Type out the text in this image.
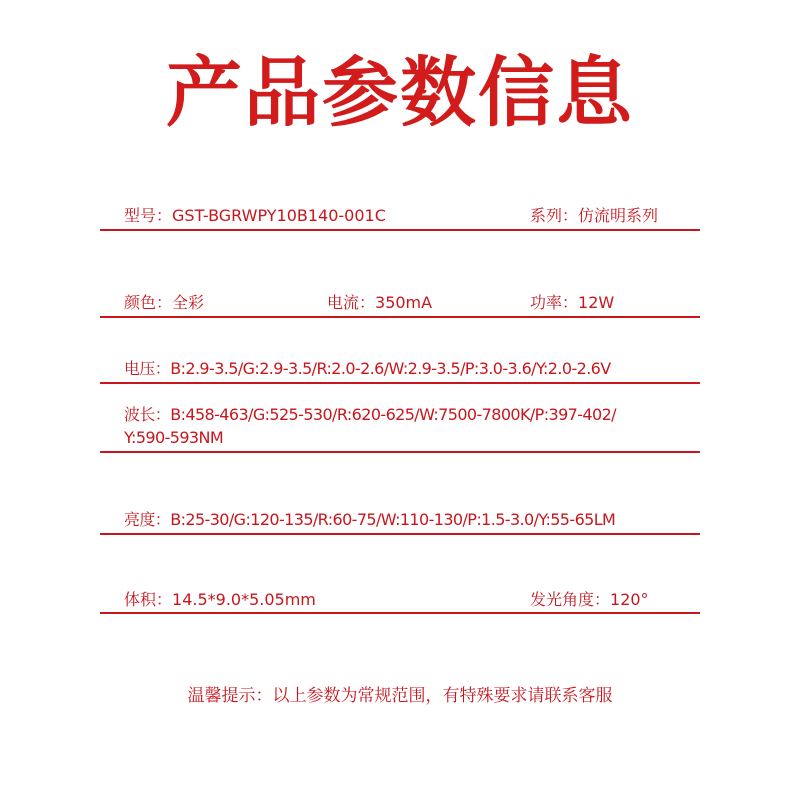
产品参数信息
型号：GST-BGRWPY10B140-001C	系列：仿流明系列
颜色：全彩	电流：350mA	功率：12W
电压：B:2.9-3.5/G:2.9-3.5/R:2.0-2.6/W:2.9-3.5/P:3.0-3.6/Y:2.0-2.6V
波长：B:458-463/G:525-530/R:620-625/W:7500-7800K/P:397-402/
Y:590-593NM
亮度：B:25-30/G:120-135/R:60-75/W:110-130/P:1.5-3.0/Y:55-65LM
体积：14.5*9.0*5.05mm	发光角度：120°
温馨提示：以上参数为常规范围，有特殊要求请联系客服
